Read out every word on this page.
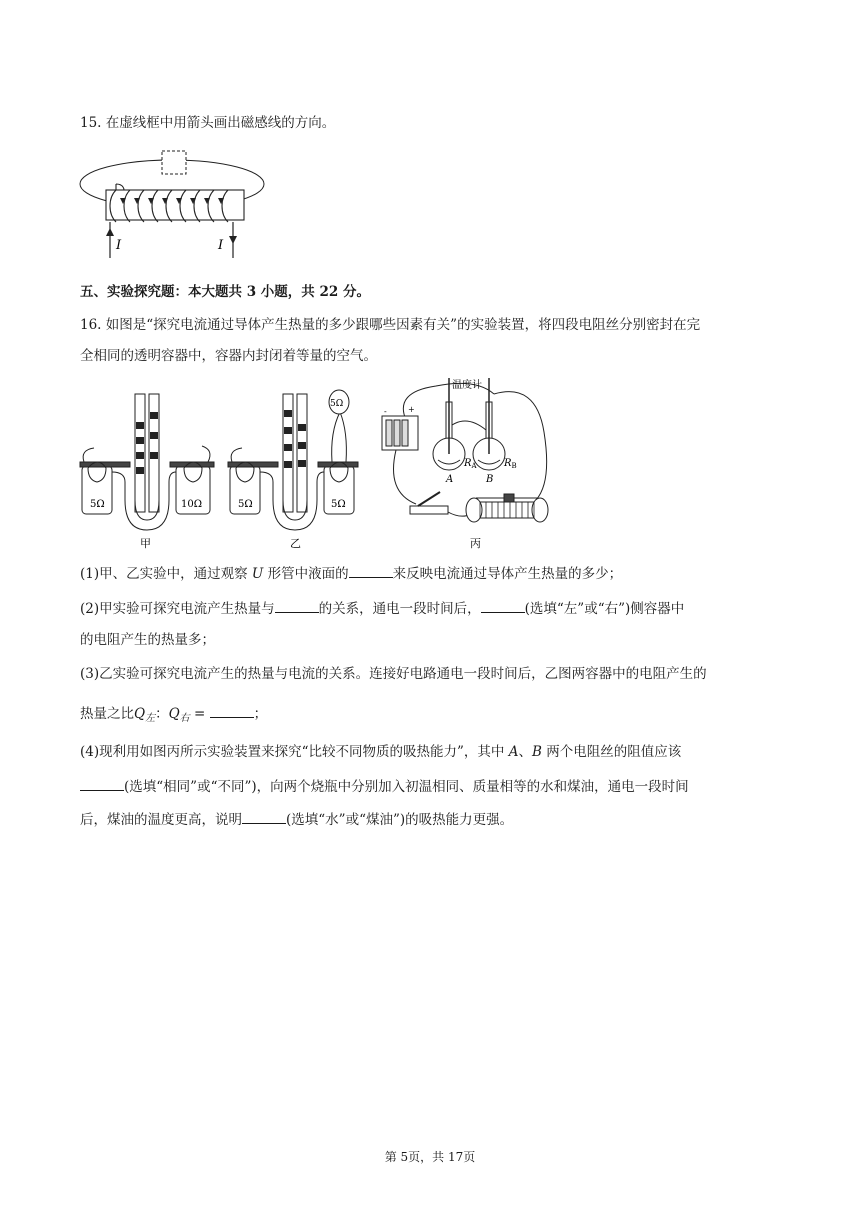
15. 在虚线框中用箭头画出磁感线的方向。
I	I
五、实验探究题：本大题共 3 小题，共 22 分。
16. 如图是“探究电流通过导体产生热量的多少跟哪些因素有关”的实验装置，将四段电阻丝分别密封在完
全相同的透明容器中，容器内封闭着等量的空气。
5Ω	10Ω
甲
5Ω
5Ω	5Ω
乙
-	+
温度计
$R_A$	$R_B$
A	B
丙
(1)甲、乙实验中，通过观察 U 形管中液面的	来反映电流通过导体产生热量的多少；
(2)甲实验可探究电流产生热量与	的关系，通电一段时间后，	(选填“左”或“右”)侧容器中
的电阻产生的热量多；
(3)乙实验可探究电流产生的热量与电流的关系。连接好电路通电一段时间后，乙图两容器中的电阻产生的
热量之比$Q_左$：$Q_右$ =	；
(4)现利用如图丙所示实验装置来探究“比较不同物质的吸热能力”，其中 A、B 两个电阻丝的阻值应该
(选填“相同”或“不同”)，向两个烧瓶中分别加入初温相同、质量相等的水和煤油，通电一段时间
后，煤油的温度更高，说明	(选填“水”或“煤油”)的吸热能力更强。
第 5页，共 17页
